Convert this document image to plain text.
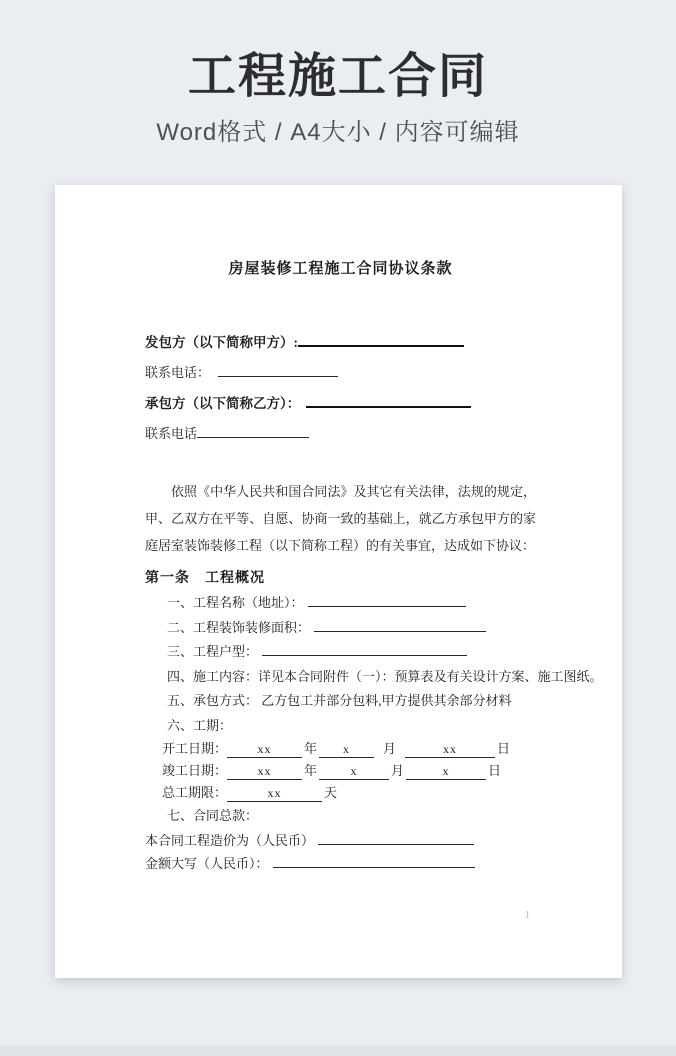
工程施工合同

Word格式 / A4大小 / 内容可编辑

房屋装修工程施工合同协议条款
发包方（以下简称甲方）:
联系电话：
承包方（以下简称乙方）：
联系电话

依照《中华人民共和国合同法》及其它有关法律，法规的规定，甲、乙双方在平等、自愿、协商一致的基础上，就乙方承包甲方的家庭居室装饰装修工程（以下简称工程）的有关事宜，达成如下协议：

第一条　工程概况
一、工程名称（地址）：
二、工程装饰装修面积：
三、工程户型：
四、施工内容：详见本合同附件（一）：预算表及有关设计方案、施工图纸。
五、承包方式： 乙方包工并部分包料,甲方提供其余部分材料
六、工期：
开工日期：	xx	年 x	月	xx	日
竣工日期：	xx	年	x	月	x	日
总工期限：	xx	天
七、合同总款：
本合同工程造价为（人民币）
金额大写（人民币）：
1
